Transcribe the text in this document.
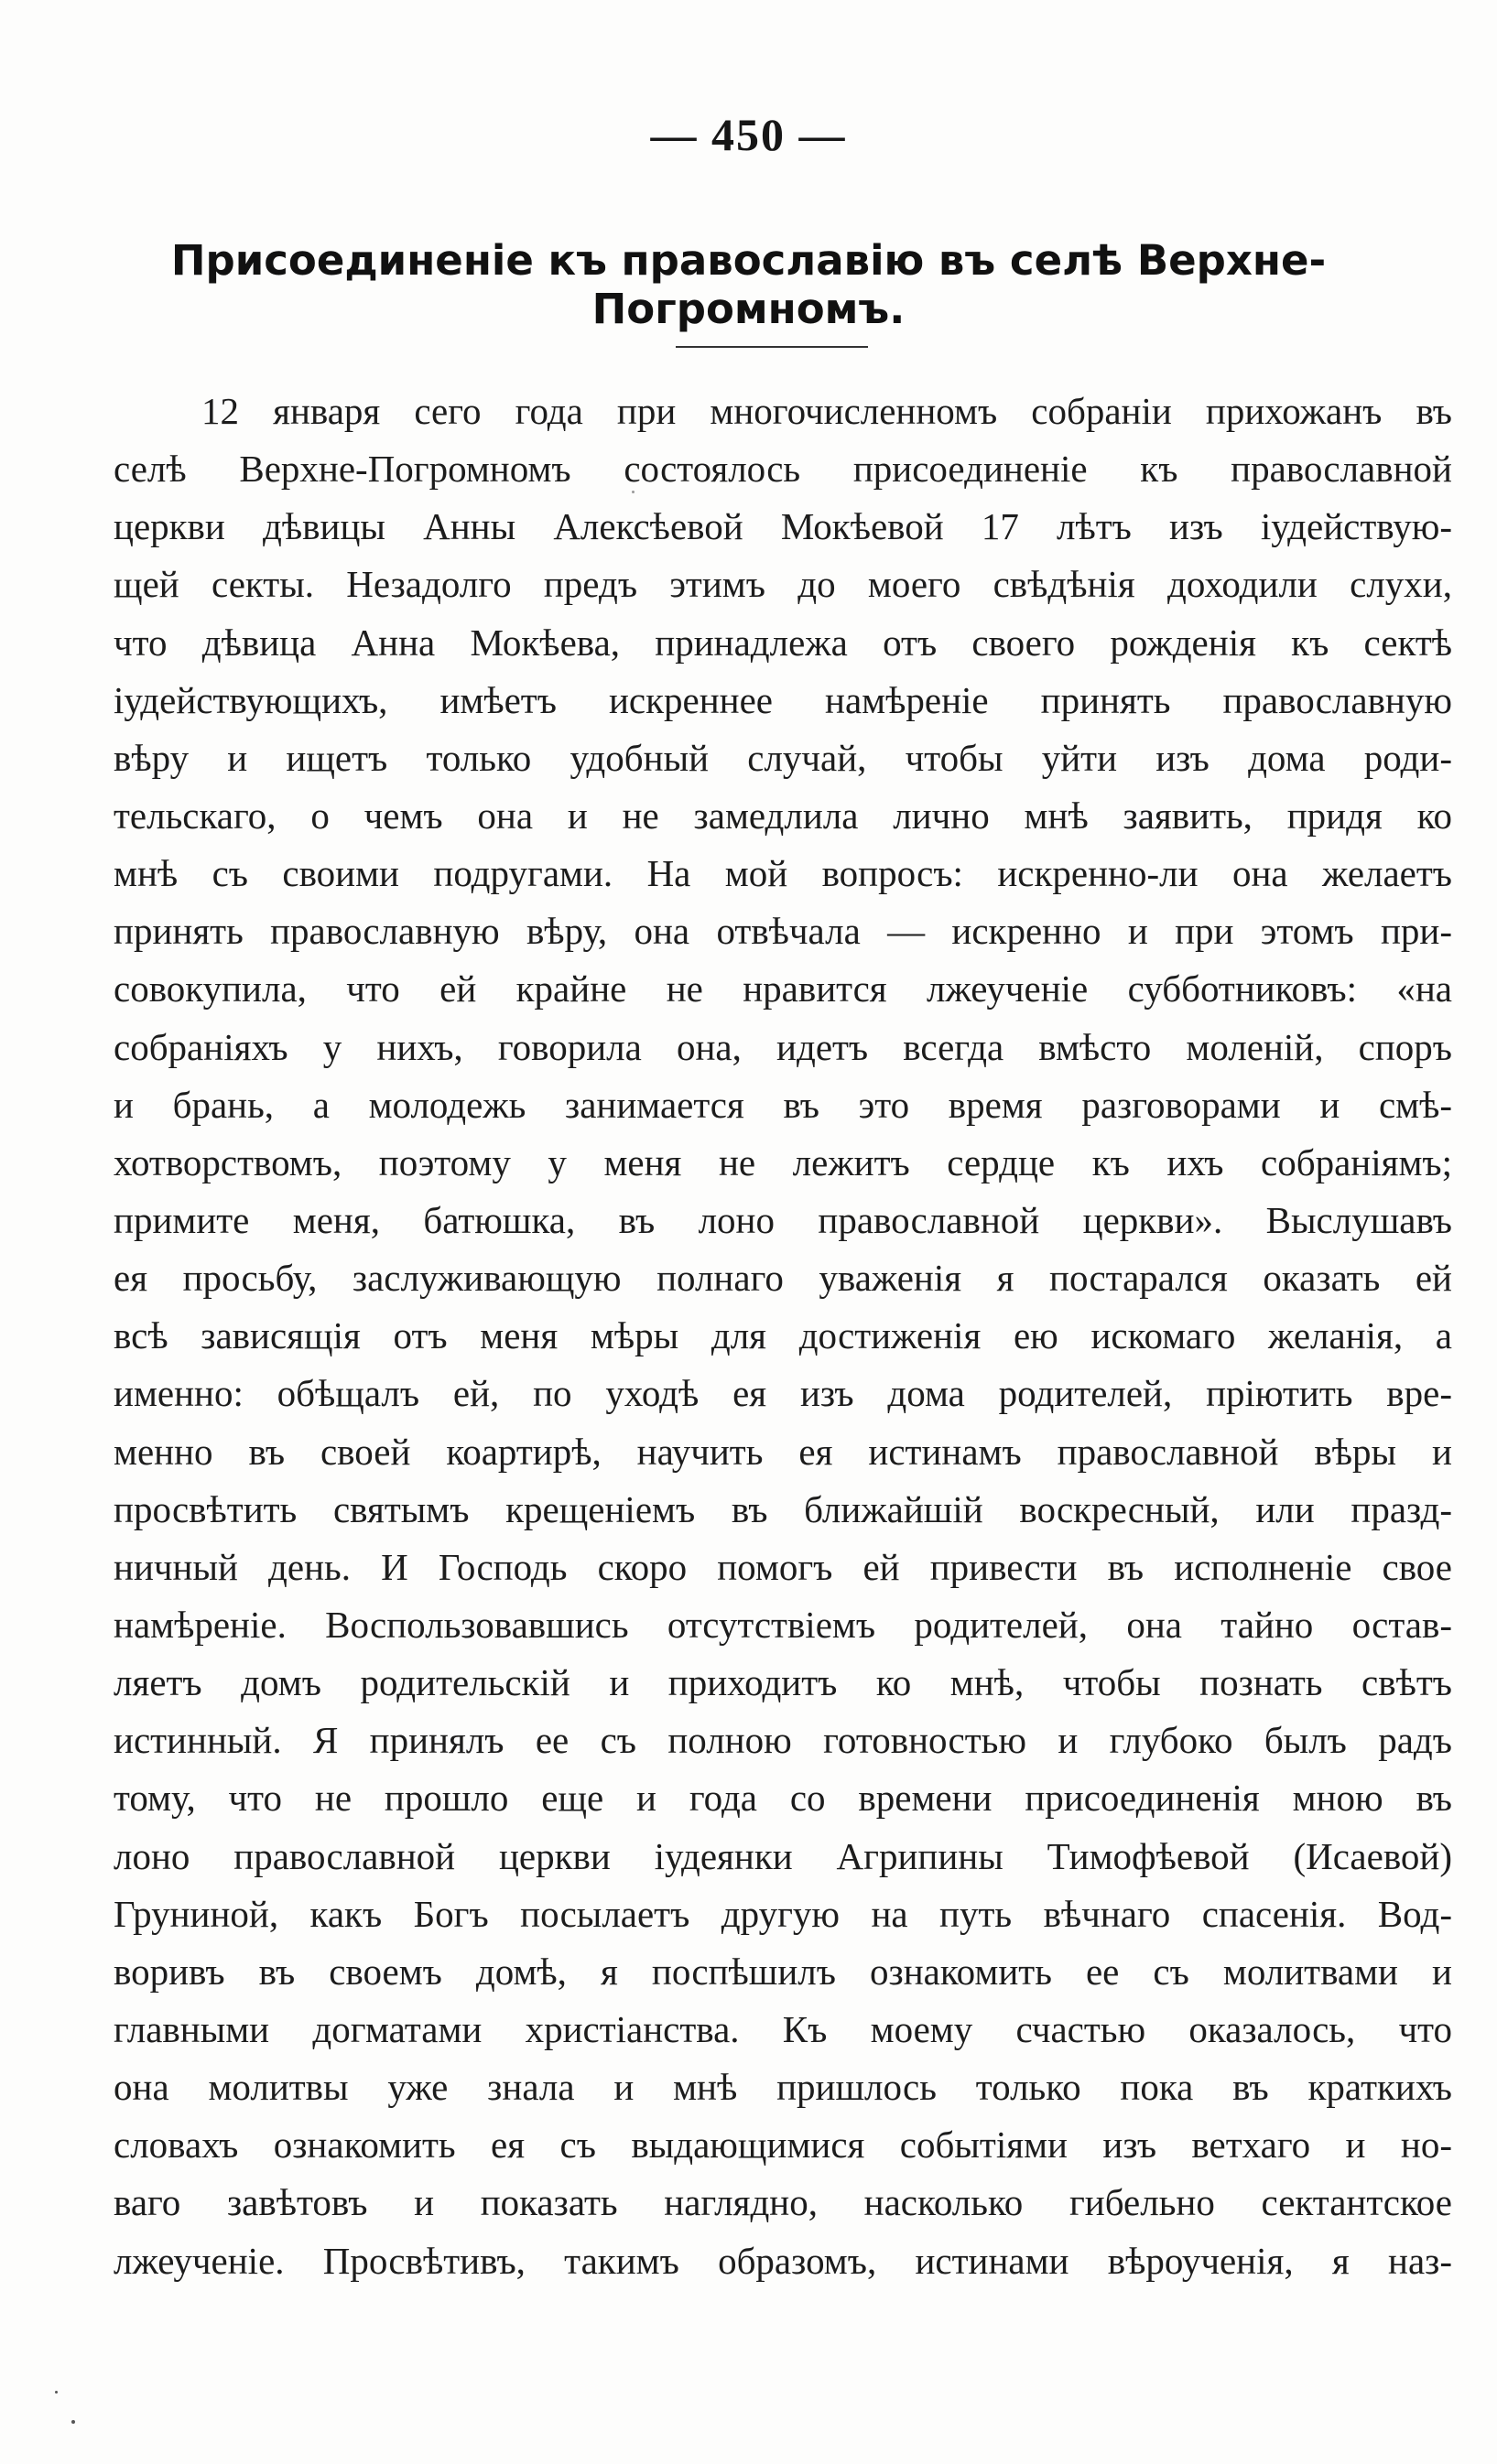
— 450 —
Присоединеніе къ православію въ селѣ Верхне-Погромномъ.
12 января сего года при многочисленномъ собраніи прихожанъ въ
селѣ Верхне-Погромномъ состоялось присоединеніе къ православной
церкви дѣвицы Анны Алексѣевой Мокѣевой 17 лѣтъ изъ іудействую-
щей секты. Незадолго предъ этимъ до моего свѣдѣнія доходили слухи,
что дѣвица Анна Мокѣева, принадлежа отъ своего рожденія къ сектѣ
іудействующихъ, имѣетъ искреннее намѣреніе принять православную
вѣру и ищетъ только удобный случай, чтобы уйти изъ дома роди-
тельскаго, о чемъ она и не замедлила лично мнѣ заявить, придя ко
мнѣ съ своими подругами. На мой вопросъ: искренно-ли она желаетъ
принять православную вѣру, она отвѣчала — искренно и при этомъ при-
совокупила, что ей крайне не нравится лжеученіе субботниковъ: «на
собраніяхъ у нихъ, говорила она, идетъ всегда вмѣсто моленій, споръ
и брань, а молодежь занимается въ это время разговорами и смѣ-
хотворствомъ, поэтому у меня не лежитъ сердце къ ихъ собраніямъ;
примите меня, батюшка, въ лоно православной церкви». Выслушавъ
ея просьбу, заслуживающую полнаго уваженія я постарался оказать ей
всѣ зависящія отъ меня мѣры для достиженія ею искомаго желанія, а
именно: обѣщалъ ей, по уходѣ ея изъ дома родителей, пріютить вре-
менно въ своей коартирѣ, научить ея истинамъ православной вѣры и
просвѣтить святымъ крещеніемъ въ ближайшій воскресный, или празд-
ничный день. И Господь скоро помогъ ей привести въ исполненіе свое
намѣреніе. Воспользовавшись отсутствіемъ родителей, она тайно остав-
ляетъ домъ родительскій и приходитъ ко мнѣ, чтобы познать свѣтъ
истинный. Я принялъ ее съ полною готовностью и глубоко былъ радъ
тому, что не прошло еще и года со времени присоединенія мною въ
лоно православной церкви іудеянки Агрипины Тимофѣевой (Исаевой)
Груниной, какъ Богъ посылаетъ другую на путь вѣчнаго спасенія. Вод-
воривъ въ своемъ домѣ, я поспѣшилъ ознакомить ее съ молитвами и
главными догматами христіанства. Къ моему счастью оказалось, что
она молитвы уже знала и мнѣ пришлось только пока въ краткихъ
словахъ ознакомить ея съ выдающимися событіями изъ ветхаго и но-
ваго завѣтовъ и показать наглядно, насколько гибельно сектантское
лжеученіе. Просвѣтивъ, такимъ образомъ, истинами вѣроученія, я наз-
